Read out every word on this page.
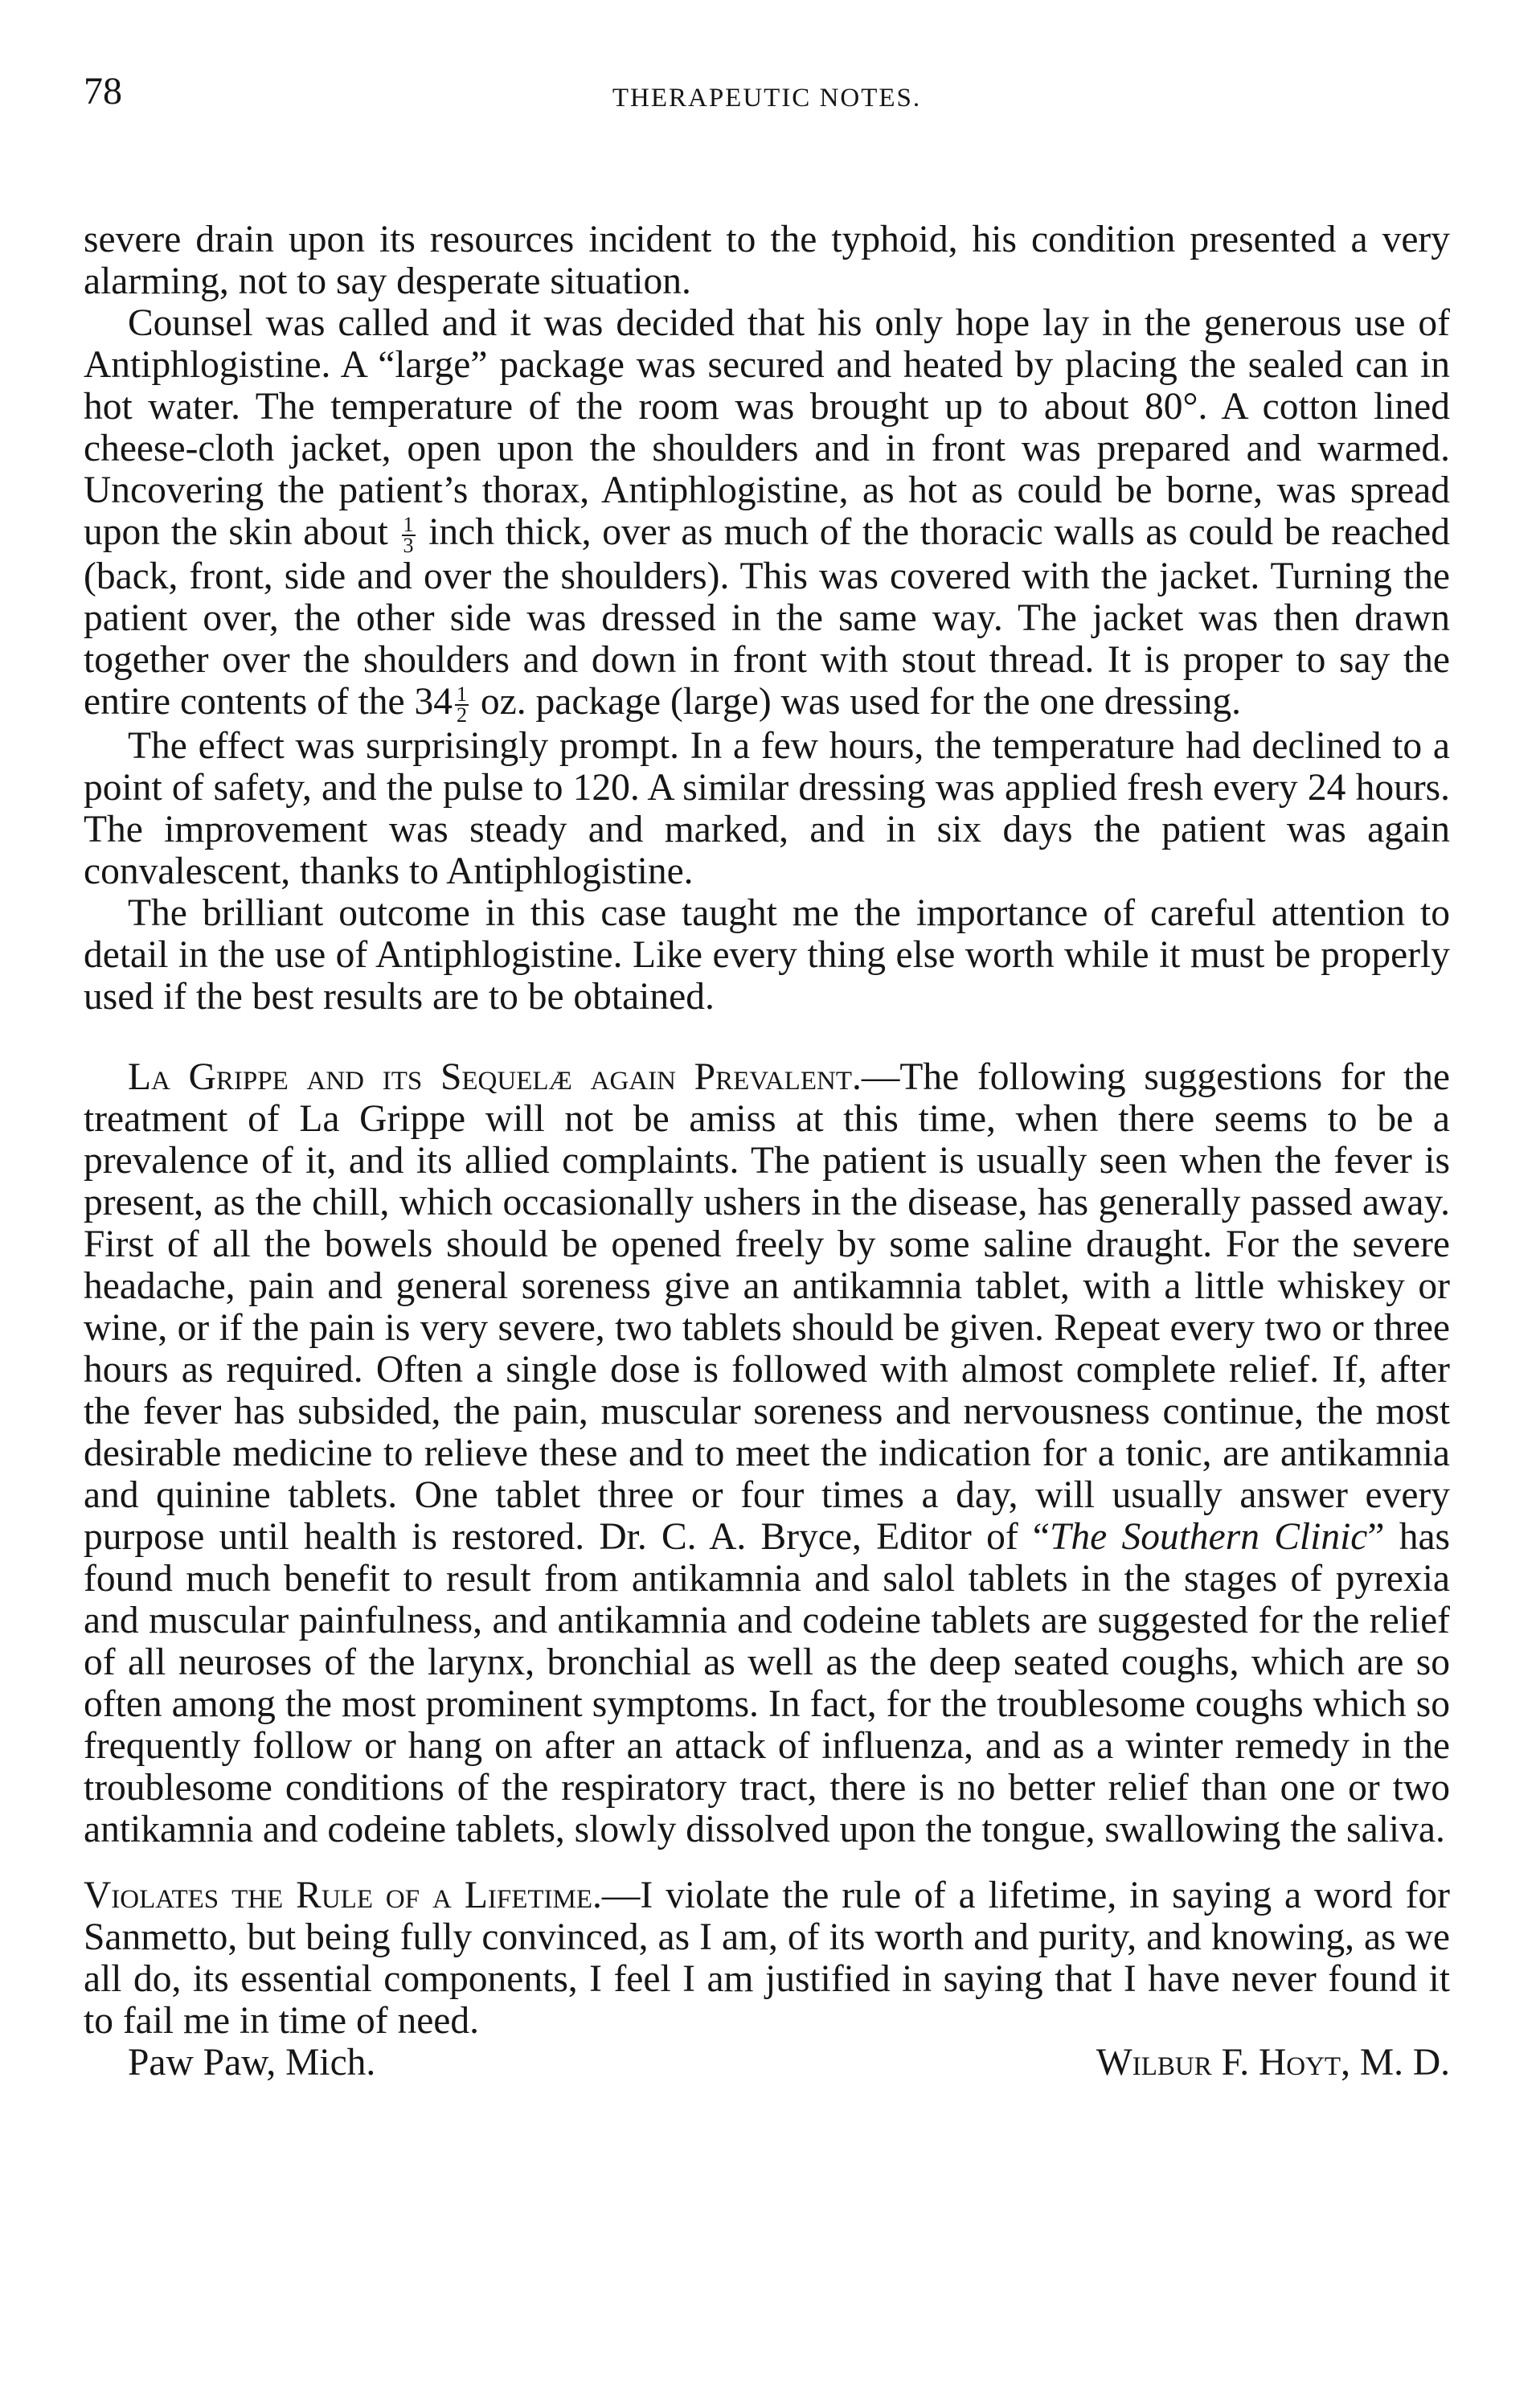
78	THERAPEUTIC NOTES.

severe drain upon its resources incident to the typhoid, his condition presented a very alarming, not to say desperate situation.

Counsel was called and it was decided that his only hope lay in the generous use of Antiphlogistine. A “large” package was secured and heated by placing the sealed can in hot water. The temperature of the room was brought up to about 80°. A cotton lined cheese-cloth jacket, open upon the shoulders and in front was prepared and warmed. Uncovering the patient’s thorax, Antiphlogistine, as hot as could be borne, was spread upon the skin about $\frac{1}{3}$ inch thick, over as much of the thoracic walls as could be reached (back, front, side and over the shoulders). This was covered with the jacket. Turning the patient over, the other side was dressed in the same way. The jacket was then drawn together over the shoulders and down in front with stout thread. It is proper to say the entire contents of the $34 \frac{1}{2}$ oz. package (large) was used for the one dressing.

The effect was surprisingly prompt. In a few hours, the temperature had declined to a point of safety, and the pulse to 120. A similar dressing was applied fresh every 24 hours. The improvement was steady and marked, and in six days the patient was again convalescent, thanks to Antiphlogistine.

The brilliant outcome in this case taught me the importance of careful attention to detail in the use of Antiphlogistine. Like every thing else worth while it must be properly used if the best results are to be obtained.

La Grippe and its Sequelæ again Prevalent.—The following suggestions for the treatment of La Grippe will not be amiss at this time, when there seems to be a prevalence of it, and its allied complaints. The patient is usually seen when the fever is present, as the chill, which occasionally ushers in the disease, has generally passed away. First of all the bowels should be opened freely by some saline draught. For the severe headache, pain and general soreness give an antikamnia tablet, with a little whiskey or wine, or if the pain is very severe, two tablets should be given. Repeat every two or three hours as required. Often a single dose is followed with almost complete relief. If, after the fever has subsided, the pain, muscular soreness and nervousness continue, the most desirable medicine to relieve these and to meet the indication for a tonic, are antikamnia and quinine tablets. One tablet three or four times a day, will usually answer every purpose until health is restored. Dr. C. A. Bryce, Editor of “The Southern Clinic” has found much benefit to result from antikamnia and salol tablets in the stages of pyrexia and muscular painfulness, and antikamnia and codeine tablets are suggested for the relief of all neuroses of the larynx, bronchial as well as the deep seated coughs, which are so often among the most prominent symptoms. In fact, for the troublesome coughs which so frequently follow or hang on after an attack of influenza, and as a winter remedy in the troublesome conditions of the respiratory tract, there is no better relief than one or two antikamnia and codeine tablets, slowly dissolved upon the tongue, swallowing the saliva.

Violates the Rule of a Lifetime.—I violate the rule of a lifetime, in saying a word for Sanmetto, but being fully convinced, as I am, of its worth and purity, and knowing, as we all do, its essential components, I feel I am justified in saying that I have never found it to fail me in time of need.

Paw Paw, Mich.	Wilbur F. Hoyt, M. D.
